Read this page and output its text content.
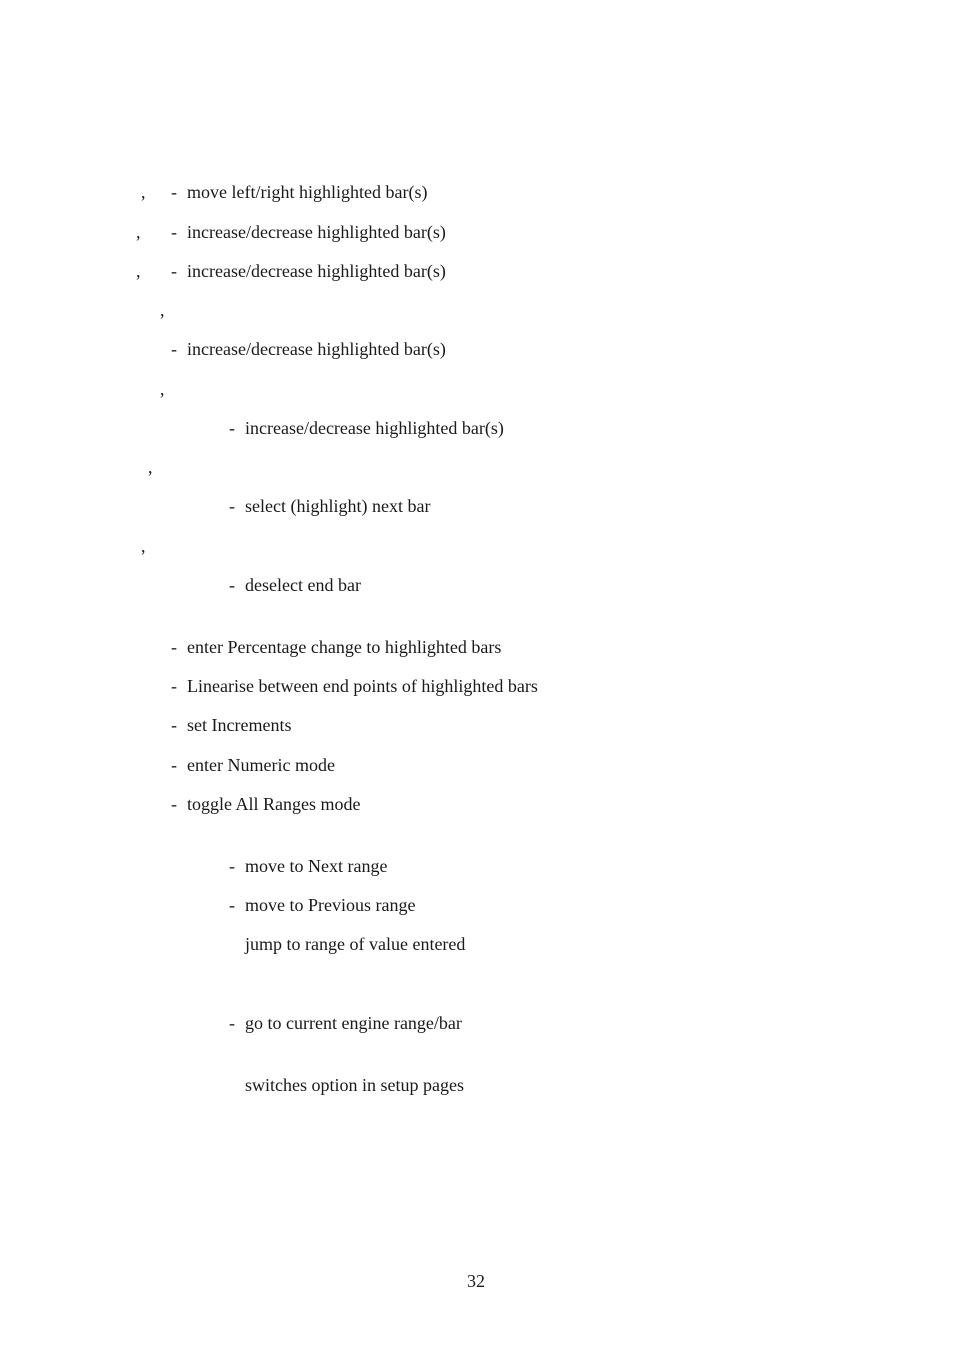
, - move left/right highlighted bar(s)
, - increase/decrease highlighted bar(s)
, - increase/decrease highlighted bar(s)
,
- increase/decrease highlighted bar(s)
,
- increase/decrease highlighted bar(s)
,
- select (highlight) next bar
,
- deselect end bar
- enter Percentage change to highlighted bars
- Linearise between end points of highlighted bars
- set Increments
- enter Numeric mode
- toggle All Ranges mode
- move to Next range
- move to Previous range
jump to range of value entered
- go to current engine range/bar
switches option in setup pages
32
